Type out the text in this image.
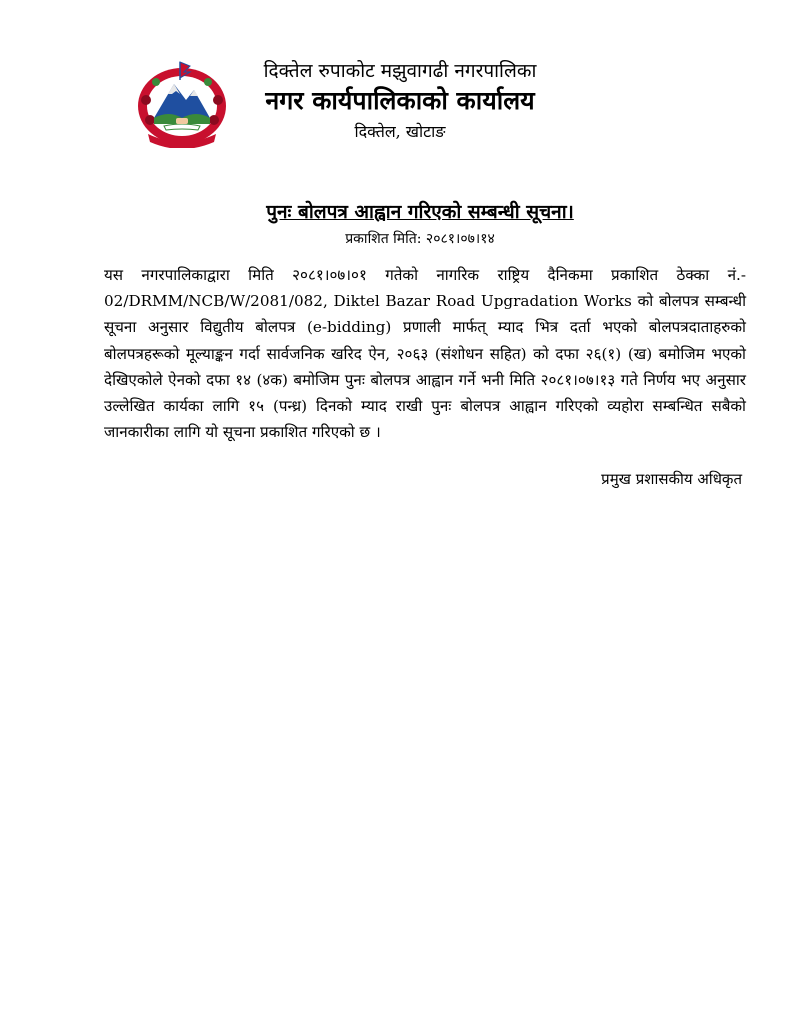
दिक्तेल रुपाकोट मझुवागढी नगरपालिका

नगर कार्यपालिकाको कार्यालय

दिक्तेल, खोटाङ

पुनः बोलपत्र आह्वान गरिएको सम्बन्धी सूचना।

प्रकाशित मिति: २०८१।०७।१४

यस नगरपालिकाद्वारा मिति २०८१।०७।०१ गतेको नागरिक राष्ट्रिय दैनिकमा प्रकाशित ठेक्का नं.- 02/DRMM/NCB/W/2081/082, Diktel Bazar Road Upgradation Works को बोलपत्र सम्बन्धी सूचना अनुसार विद्युतीय बोलपत्र (e-bidding) प्रणाली मार्फत् म्याद भित्र दर्ता भएको बोलपत्रदाताहरुको बोलपत्रहरूको मूल्याङ्कन गर्दा सार्वजनिक खरिद ऐन, २०६३ (संशोधन सहित) को दफा २६(१) (ख) बमोजिम भएको देखिएकोले ऐनको दफा १४ (४क) बमोजिम पुनः बोलपत्र आह्वान गर्ने भनी मिति २०८१।०७।१३ गते निर्णय भए अनुसार उल्लेखित कार्यका लागि १५ (पन्ध्र) दिनको म्याद राखी पुनः बोलपत्र आह्वान गरिएको व्यहोरा सम्बन्धित सबैको जानकारीका लागि यो सूचना प्रकाशित गरिएको छ ।

प्रमुख प्रशासकीय अधिकृत
